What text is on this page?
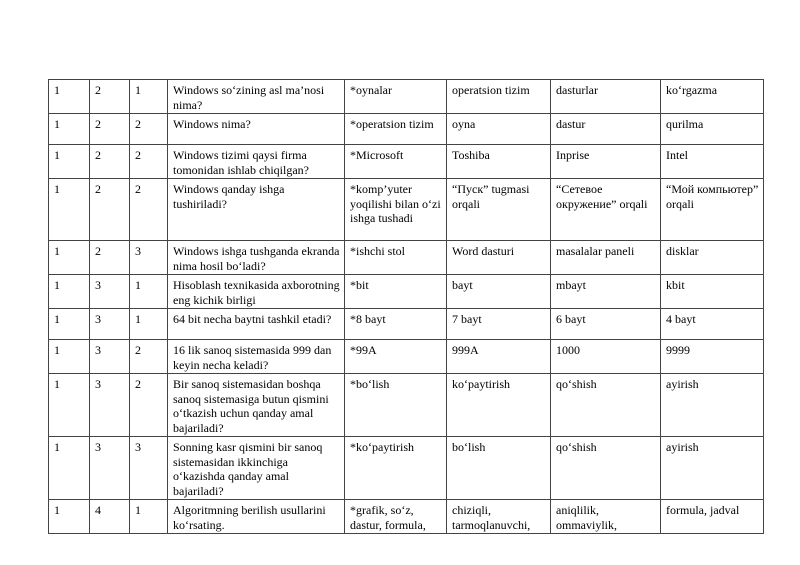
1	2	1	Windows so‘zining asl ma’nosi nima?	*oynalar	operatsion tizim	dasturlar	ko‘rgazma
1	2	2	Windows nima?	*operatsion tizim	oyna	dastur	qurilma
1	2	2	Windows tizimi qaysi firma tomonidan ishlab chiqilgan?	*Microsoft	Toshiba	Inprise	Intel
1	2	2	Windows qanday ishga tushiriladi?	*komp’yuter yoqilishi bilan o‘zi ishga tushadi	“Пуск” tugmasi orqali	“Сетевое окружение” orqali	“Мой компьютер” orqali
1	2	3	Windows ishga tushganda ekranda nima hosil bo‘ladi?	*ishchi stol	Word dasturi	masalalar paneli	disklar
1	3	1	Hisoblash texnikasida axborotning eng kichik birligi	*bit	bayt	mbayt	kbit
1	3	1	64 bit necha baytni tashkil etadi?	*8 bayt	7 bayt	6 bayt	4 bayt
1	3	2	16 lik sanoq sistemasida 999 dan keyin necha keladi?	*99A	999A	1000	9999
1	3	2	Bir sanoq sistemasidan boshqa sanoq sistemasiga butun qismini o‘tkazish uchun qanday amal bajariladi?	*bo‘lish	ko‘paytirish	qo‘shish	ayirish
1	3	3	Sonning kasr qismini bir sanoq sistemasidan ikkinchiga o‘kazishda qanday amal bajariladi?	*ko‘paytirish	bo‘lish	qo‘shish	ayirish
1	4	1	Algoritmning berilish usullarini ko‘rsating.	*grafik, so‘z, dastur, formula,	chiziqli, tarmoqlanuvchi,	aniqlilik, ommaviylik,	formula, jadval
